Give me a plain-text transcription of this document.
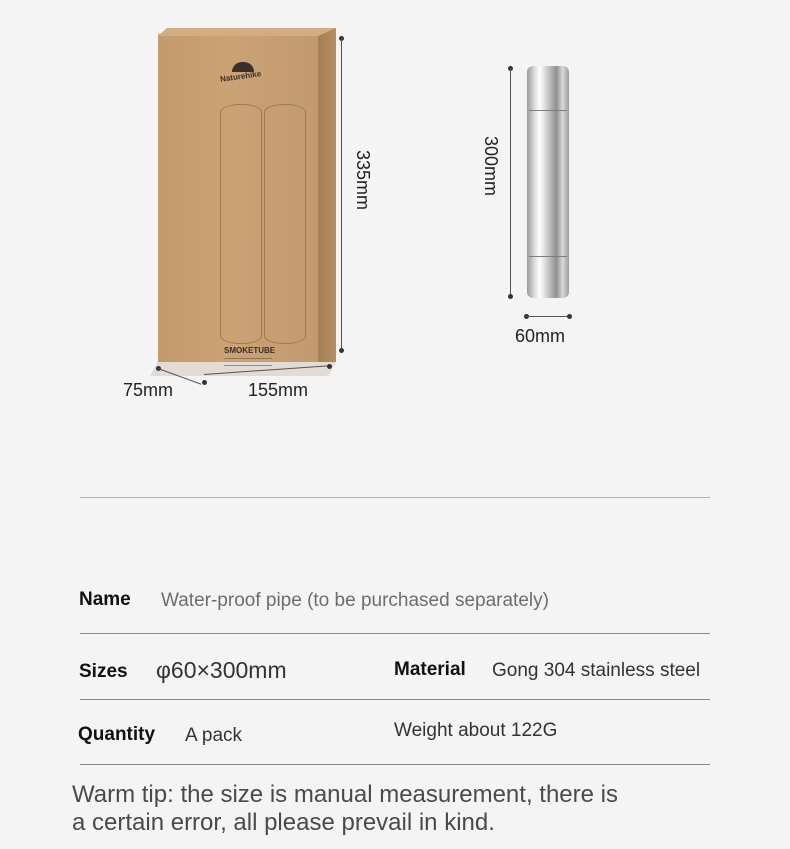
Naturehike
SMOKETUBE
335mm
75mm	155mm
300mm
60mm
Name Water-proof pipe (to be purchased separately)
Sizes φ60×300mm	Material Gong 304 stainless steel
Quantity A pack	Weight about 122G
Warm tip: the size is manual measurement, there is
a certain error, all please prevail in kind.
